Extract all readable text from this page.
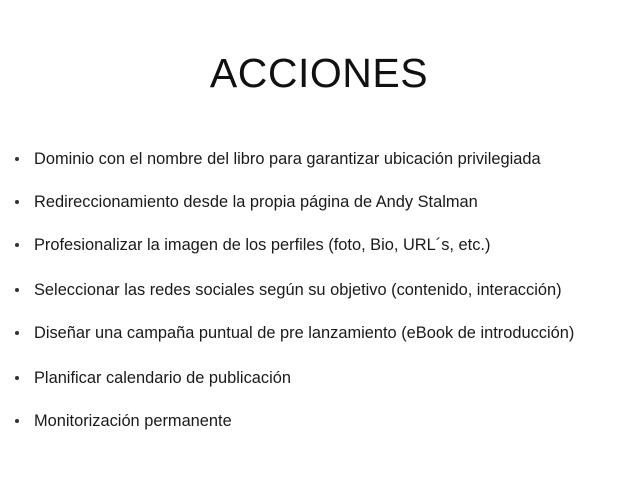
ACCIONES
Dominio con el nombre del libro para garantizar ubicación privilegiada
Redireccionamiento desde la propia página de Andy Stalman
Profesionalizar la imagen de los perfiles (foto, Bio, URL´s, etc.)
Seleccionar las redes sociales según su objetivo (contenido, interacción)
Diseñar una campaña puntual de pre lanzamiento (eBook de introducción)
Planificar calendario de publicación
Monitorización permanente
